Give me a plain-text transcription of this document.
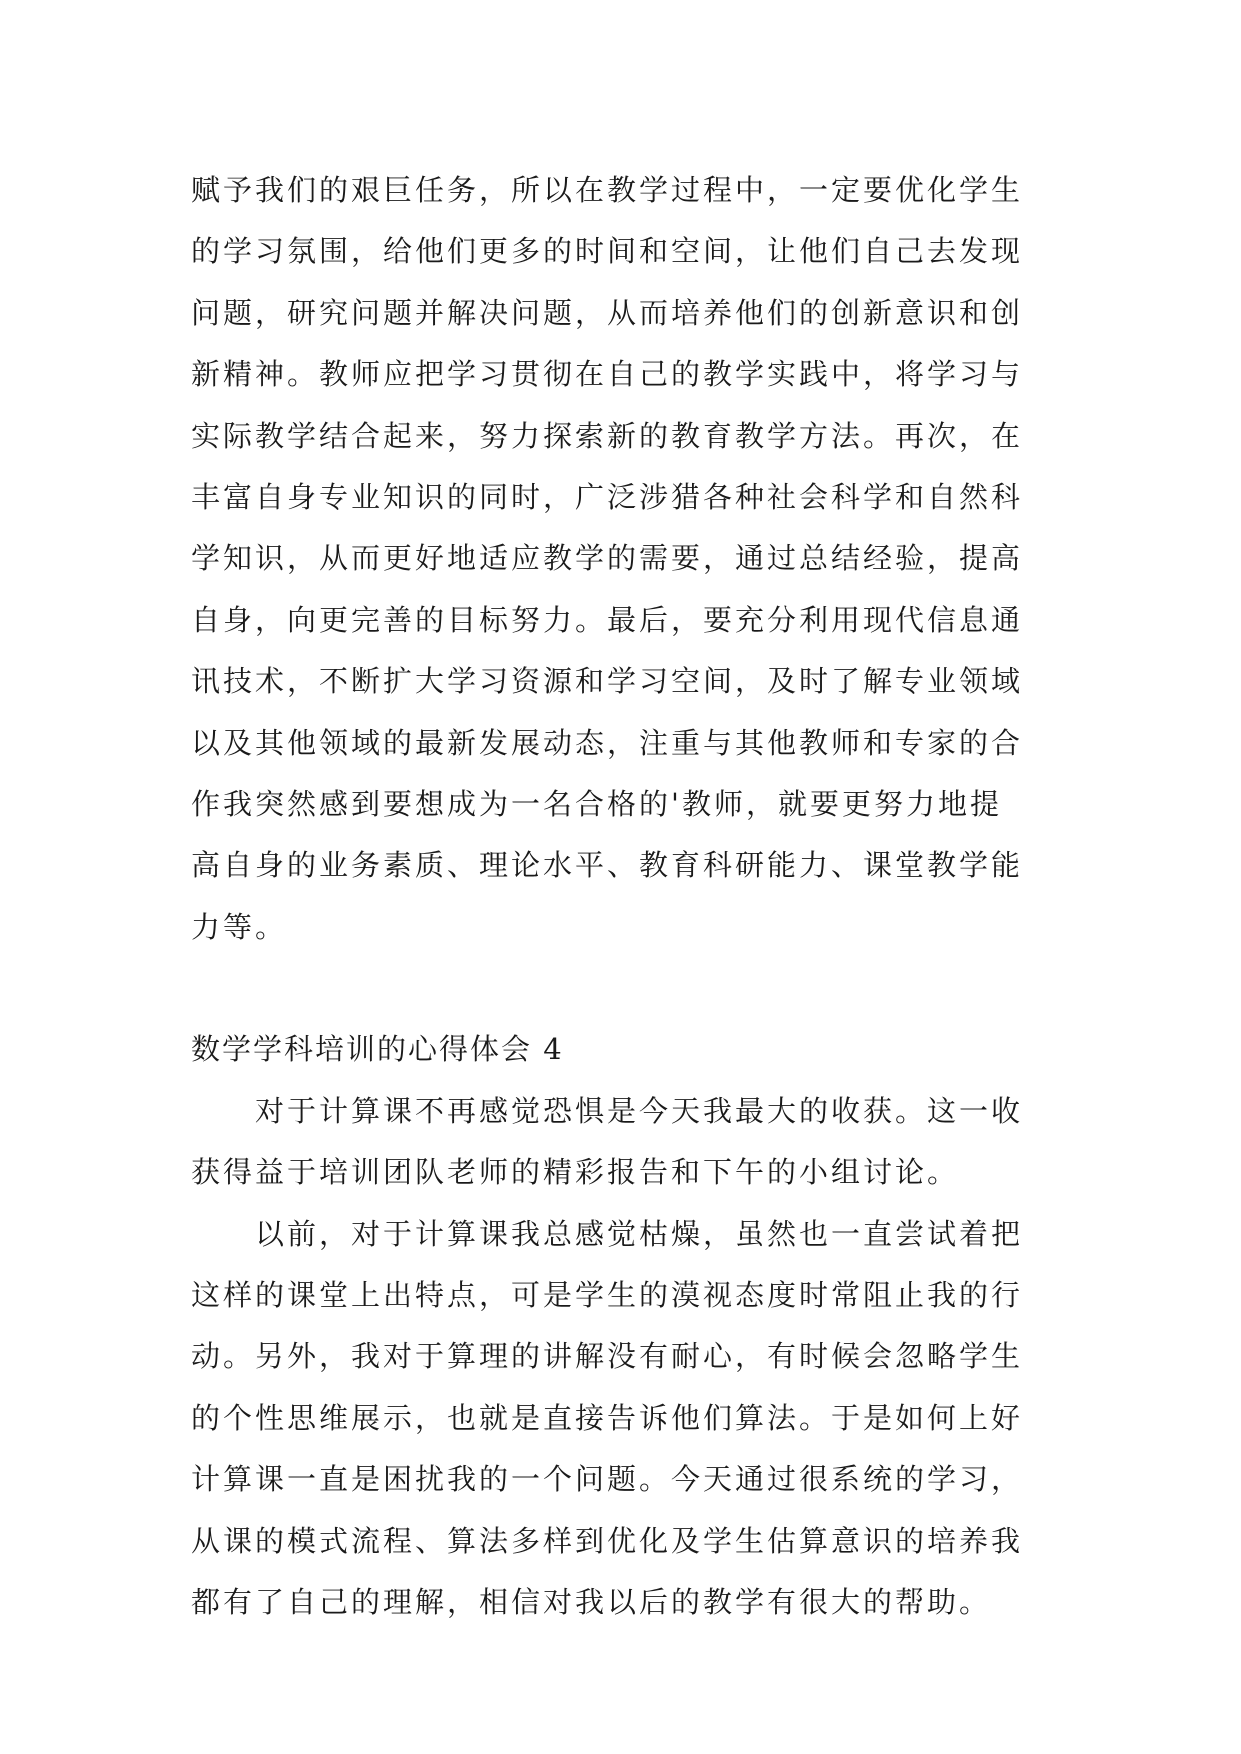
赋予我们的艰巨任务，所以在教学过程中，一定要优化学生
的学习氛围，给他们更多的时间和空间，让他们自己去发现
问题，研究问题并解决问题，从而培养他们的创新意识和创
新精神。教师应把学习贯彻在自己的教学实践中，将学习与
实际教学结合起来，努力探索新的教育教学方法。再次，在
丰富自身专业知识的同时，广泛涉猎各种社会科学和自然科
学知识，从而更好地适应教学的需要，通过总结经验，提高
自身，向更完善的目标努力。最后，要充分利用现代信息通
讯技术，不断扩大学习资源和学习空间，及时了解专业领域
以及其他领域的最新发展动态，注重与其他教师和专家的合
作我突然感到要想成为一名合格的'教师，就要更努力地提
高自身的业务素质、理论水平、教育科研能力、课堂教学能
力等。
数学学科培训的心得体会 4
　　对于计算课不再感觉恐惧是今天我最大的收获。这一收
获得益于培训团队老师的精彩报告和下午的小组讨论。
　　以前，对于计算课我总感觉枯燥，虽然也一直尝试着把
这样的课堂上出特点，可是学生的漠视态度时常阻止我的行
动。另外，我对于算理的讲解没有耐心，有时候会忽略学生
的个性思维展示，也就是直接告诉他们算法。于是如何上好
计算课一直是困扰我的一个问题。今天通过很系统的学习，
从课的模式流程、算法多样到优化及学生估算意识的培养我
都有了自己的理解，相信对我以后的教学有很大的帮助。
